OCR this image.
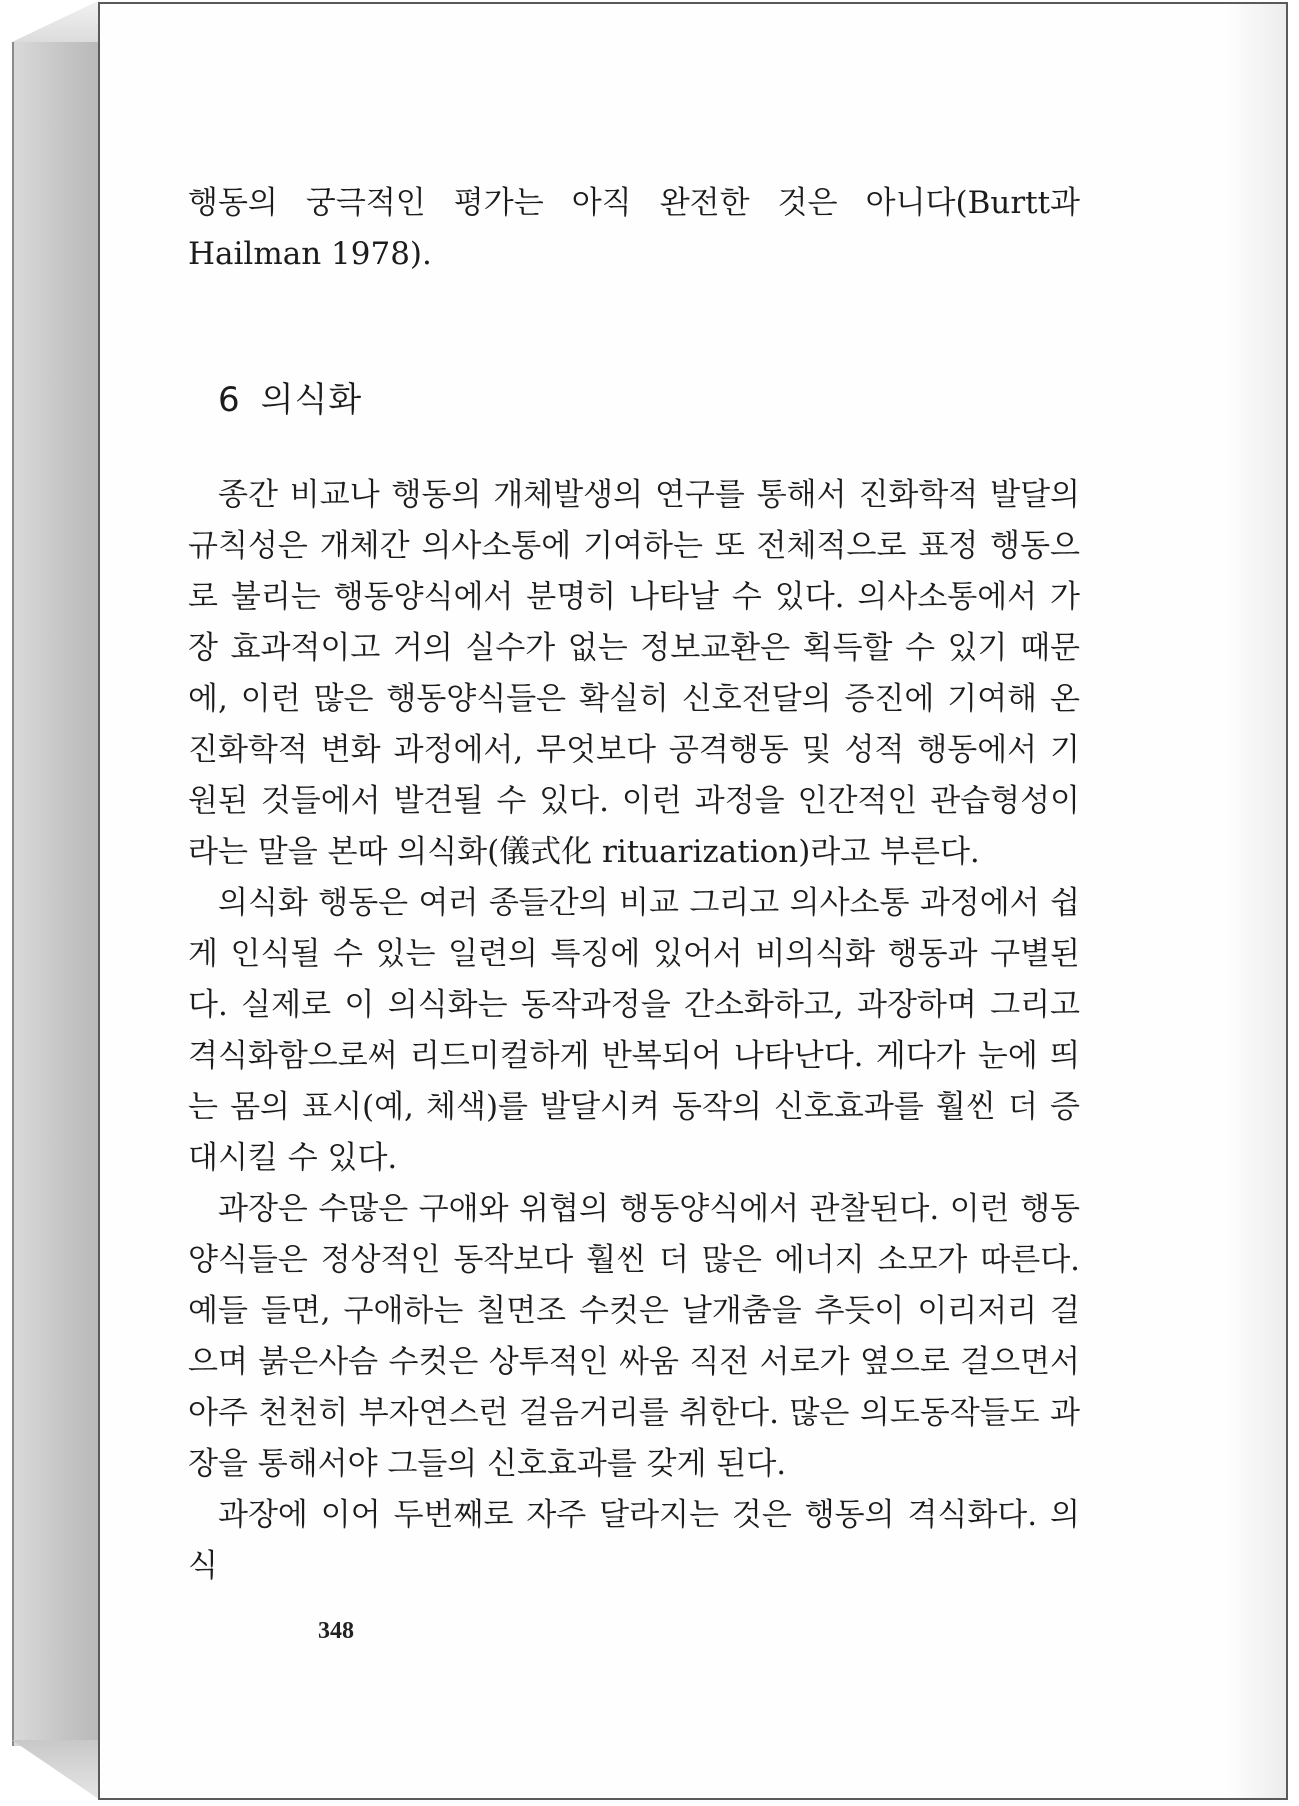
행동의 궁극적인 평가는 아직 완전한 것은 아니다(Burtt과 Hailman 1978).

6 의식화

종간 비교나 행동의 개체발생의 연구를 통해서 진화학적 발달의 규칙성은 개체간 의사소통에 기여하는 또 전체적으로 표정 행동으로 불리는 행동양식에서 분명히 나타날 수 있다. 의사소통에서 가장 효과적이고 거의 실수가 없는 정보교환은 획득할 수 있기 때문에, 이런 많은 행동양식들은 확실히 신호전달의 증진에 기여해 온 진화학적 변화 과정에서, 무엇보다 공격행동 및 성적 행동에서 기원된 것들에서 발견될 수 있다. 이런 과정을 인간적인 관습형성이라는 말을 본따 의식화(儀式化 rituarization)라고 부른다.

의식화 행동은 여러 종들간의 비교 그리고 의사소통 과정에서 쉽게 인식될 수 있는 일련의 특징에 있어서 비의식화 행동과 구별된다. 실제로 이 의식화는 동작과정을 간소화하고, 과장하며 그리고 격식화함으로써 리드미컬하게 반복되어 나타난다. 게다가 눈에 띄는 몸의 표시(예, 체색)를 발달시켜 동작의 신호효과를 훨씬 더 증대시킬 수 있다.

과장은 수많은 구애와 위협의 행동양식에서 관찰된다. 이런 행동양식들은 정상적인 동작보다 훨씬 더 많은 에너지 소모가 따른다. 예들 들면, 구애하는 칠면조 수컷은 날개춤을 추듯이 이리저리 걸으며 붉은사슴 수컷은 상투적인 싸움 직전 서로가 옆으로 걸으면서 아주 천천히 부자연스런 걸음거리를 취한다. 많은 의도동작들도 과장을 통해서야 그들의 신호효과를 갖게 된다.

과장에 이어 두번째로 자주 달라지는 것은 행동의 격식화다. 의식

348
